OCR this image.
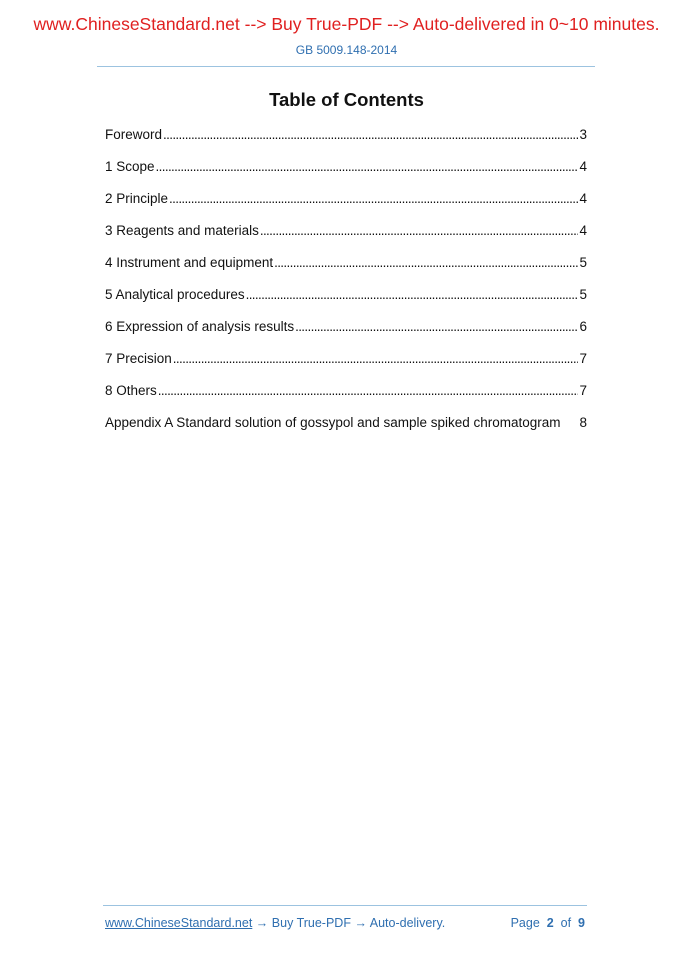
www.ChineseStandard.net --> Buy True-PDF --> Auto-delivered in 0~10 minutes.
GB 5009.148-2014
Table of Contents
Foreword . . .	3
1 Scope . . .	4
2 Principle . . .	4
3 Reagents and materials . . .	4
4 Instrument and equipment . . .	5
5 Analytical procedures . . .	5
6 Expression of analysis results . . .	6
7 Precision . . .	7
8 Others . . .	7
Appendix A Standard solution of gossypol and sample spiked chromatogram 8
www.ChineseStandard.net → Buy True-PDF → Auto-delivery.	Page 2 of 9
